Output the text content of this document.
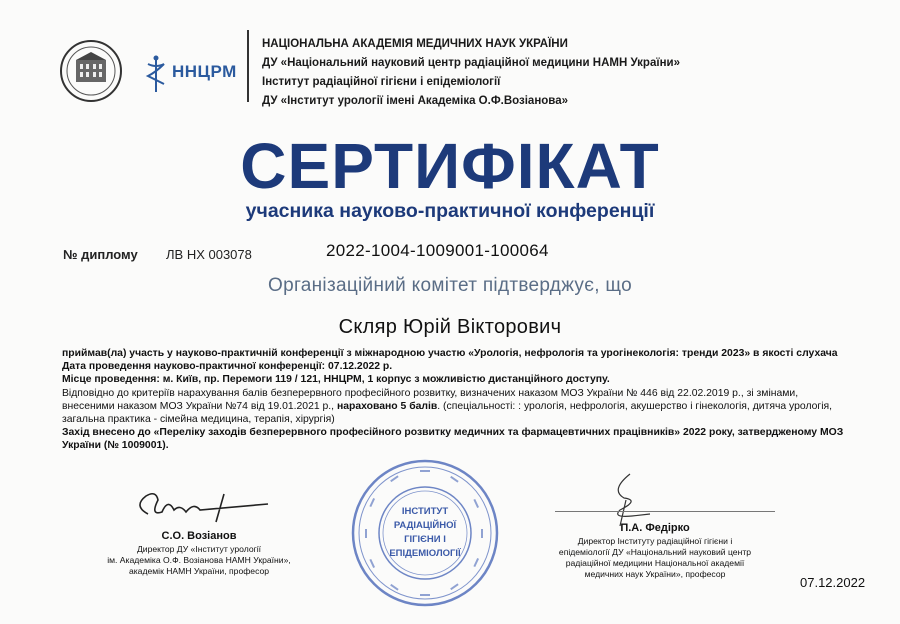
ННЦРМ
НАЦІОНАЛЬНА АКАДЕМІЯ МЕДИЧНИХ НАУК УКРАЇНИ
ДУ «Національний науковий центр радіаційної медицини НАМН України»
Інститут радіаційної гігієни і епідеміології
ДУ «Інститут урології імені Академіка О.Ф.Возіанова»
СЕРТИФІКАТ
учасника науково-практичної конференції
№ диплому ЛВ НХ 003078	2022-1004-1009001-100064
Організаційний комітет підтверджує, що
Скляр Юрій Вікторович

приймав(ла) участь у науково-практичній конференції з міжнародною участю «Урологія, нефрологія та урогінекологія: тренди 2023» в якості слухача

Дата проведення науково-практичної конференції: 07.12.2022 р.

Місце проведення: м. Київ, пр. Перемоги 119 / 121, ННЦРМ, 1 корпус з можливістю дистанційного доступу.

Відповідно до критеріїв нарахування балів безперервного професійного розвитку, визначених наказом МОЗ України № 446 від 22.02.2019 р., зі змінами, внесеними наказом МОЗ України №74 від 19.01.2021 р., нараховано 5 балів. (спеціальності: : урологія, нефрологія, акушерство і гінекологія, дитяча урологія, загальна практика - сімейна медицина, терапія, хірургія)

Захід внесено до «Переліку заходів безперервного професійного розвитку медичних та фармацевтичних працівників» 2022 року, затвердженому МОЗ України (№ 1009001).

С.О. Возіанов
Директор ДУ «Інститут урології
ім. Академіка О.Ф. Возіанова НАМН України»,
академік НАМН України, професор
П.А. Федірко
Директор Інституту радіаційної гігієни і
епідеміології ДУ «Національний науковий центр
радіаційної медицини Національної академії
медичних наук України», професор
ІНСТИТУТ
РАДІАЦІЙНОЇ
ГІГІЄНИ І
ЕПІДЕМІОЛОГІЇ
07.12.2022
